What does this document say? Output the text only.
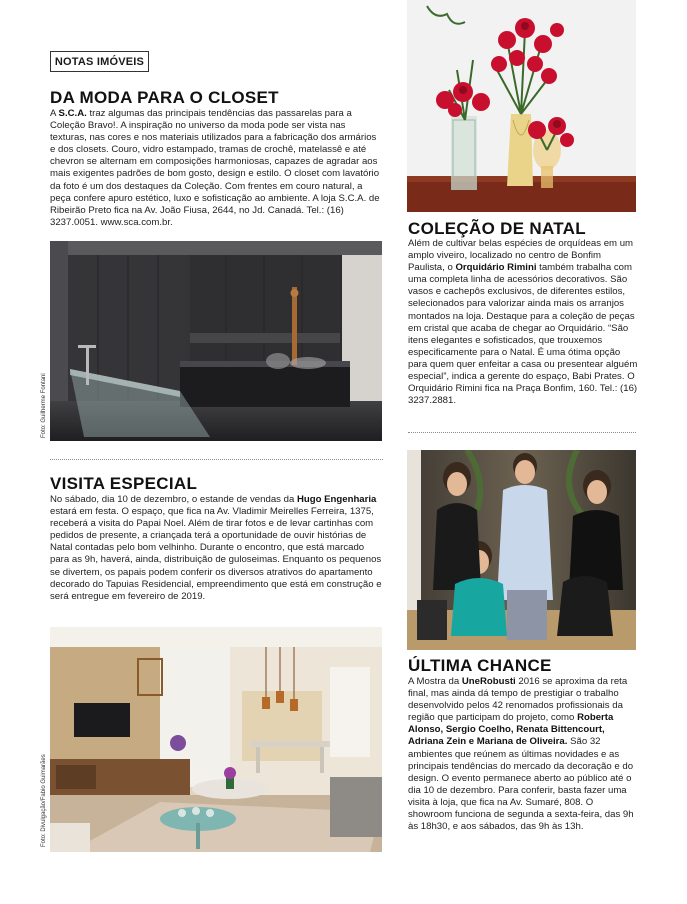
NOTAS IMÓVEIS
DA MODA PARA O CLOSET
A S.C.A. traz algumas das principais tendências das passarelas para a Coleção Bravo!. A inspiração no universo da moda pode ser vista nas texturas, nas cores e nos materiais utilizados para a fabricação dos armários e dos closets. Couro, vidro estampado, tramas de crochê, matelassê e até chevron se alternam em composições harmoniosas, capazes de agradar aos mais exigentes padrões de bom gosto, design e estilo. O closet com lavatório da foto é um dos destaques da Coleção. Com frentes em couro natural, a peça confere apuro estético, luxo e sofisticação ao ambiente. A loja S.C.A. de Ribeirão Preto fica na Av. João Fiusa, 2644, no Jd. Canadá. Tel.: (16) 3237.0051. www.sca.com.br.
Foto: Guilherme Fontani
VISITA ESPECIAL
No sábado, dia 10 de dezembro, o estande de vendas da Hugo Engenharia estará em festa. O espaço, que fica na Av. Vladimir Meirelles Ferreira, 1375, receberá a visita do Papai Noel. Além de tirar fotos e de levar cartinhas com pedidos de presente, a criançada terá a oportunidade de ouvir histórias de Natal contadas pelo bom velhinho. Durante o encontro, que está marcado para as 9h, haverá, ainda, distribuição de guloseimas. Enquanto os pequenos se divertem, os papais podem conferir os diversos atrativos do apartamento decorado do Tapuias Residencial, empreendimento que está em construção e será entregue em fevereiro de 2019.
Foto: Divulgação/Fabio Guimarães
COLEÇÃO DE NATAL
Além de cultivar belas espécies de orquídeas em um amplo viveiro, localizado no centro de Bonfim Paulista, o Orquidário Rimini também trabalha com uma completa linha de acessórios decorativos. São vasos e cachepôs exclusivos, de diferentes estilos, selecionados para valorizar ainda mais os arranjos montados na loja. Destaque para a coleção de peças em cristal que acaba de chegar ao Orquidário. “São itens elegantes e sofisticados, que trouxemos especificamente para o Natal. É uma ótima opção para quem quer enfeitar a casa ou presentear alguém especial”, indica a gerente do espaço, Babi Prates. O Orquidário Rimini fica na Praça Bonfim, 160. Tel.: (16) 3237.2881.
ÚLTIMA CHANCE
A Mostra da UneRobusti 2016 se aproxima da reta final, mas ainda dá tempo de prestigiar o trabalho desenvolvido pelos 42 renomados profissionais da região que participam do projeto, como Roberta Alonso, Sergio Coelho, Renata Bittencourt, Adriana Zein e Mariana de Oliveira. São 32 ambientes que reúnem as últimas novidades e as principais tendências do mercado da decoração e do design. O evento permanece aberto ao público até o dia 10 de dezembro. Para conferir, basta fazer uma visita à loja, que fica na Av. Sumaré, 808. O showroom funciona de segunda a sexta-feira, das 9h às 18h30, e aos sábados, das 9h às 13h.
